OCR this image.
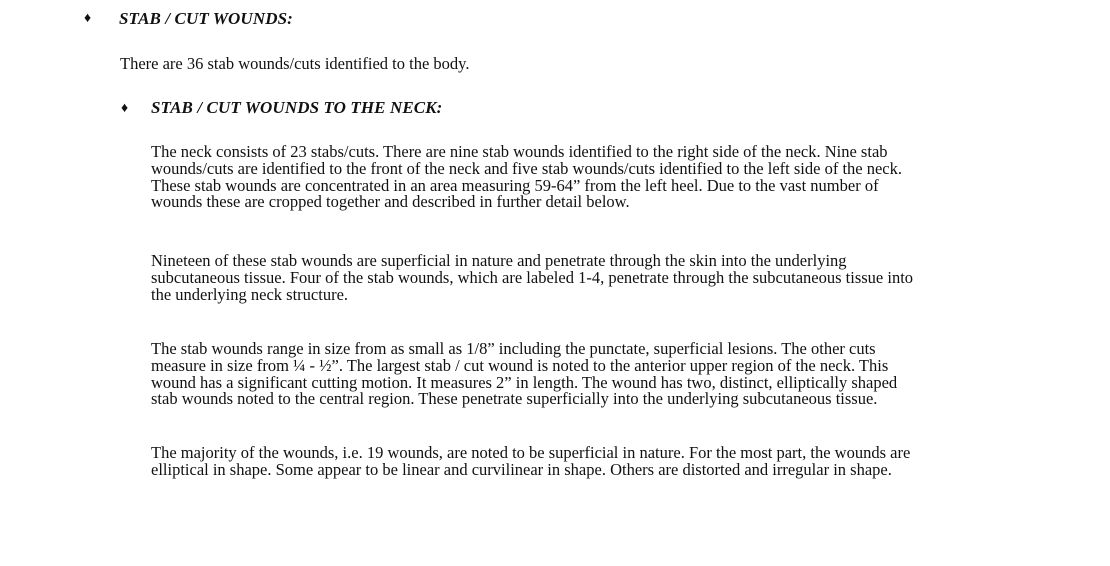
♦ STAB / CUT WOUNDS:
There are 36 stab wounds/cuts identified to the body.
♦ STAB / CUT WOUNDS TO THE NECK:
The neck consists of 23 stabs/cuts. There are nine stab wounds identified to the right side of the neck. Nine stab
wounds/cuts are identified to the front of the neck and five stab wounds/cuts identified to the left side of the neck.
These stab wounds are concentrated in an area measuring 59-64” from the left heel. Due to the vast number of
wounds these are cropped together and described in further detail below.
Nineteen of these stab wounds are superficial in nature and penetrate through the skin into the underlying
subcutaneous tissue. Four of the stab wounds, which are labeled 1-4, penetrate through the subcutaneous tissue into
the underlying neck structure.
The stab wounds range in size from as small as 1/8” including the punctate, superficial lesions. The other cuts
measure in size from ¼ - ½”. The largest stab / cut wound is noted to the anterior upper region of the neck. This
wound has a significant cutting motion. It measures 2” in length. The wound has two, distinct, elliptically shaped
stab wounds noted to the central region. These penetrate superficially into the underlying subcutaneous tissue.
The majority of the wounds, i.e. 19 wounds, are noted to be superficial in nature. For the most part, the wounds are
elliptical in shape. Some appear to be linear and curvilinear in shape. Others are distorted and irregular in shape.
